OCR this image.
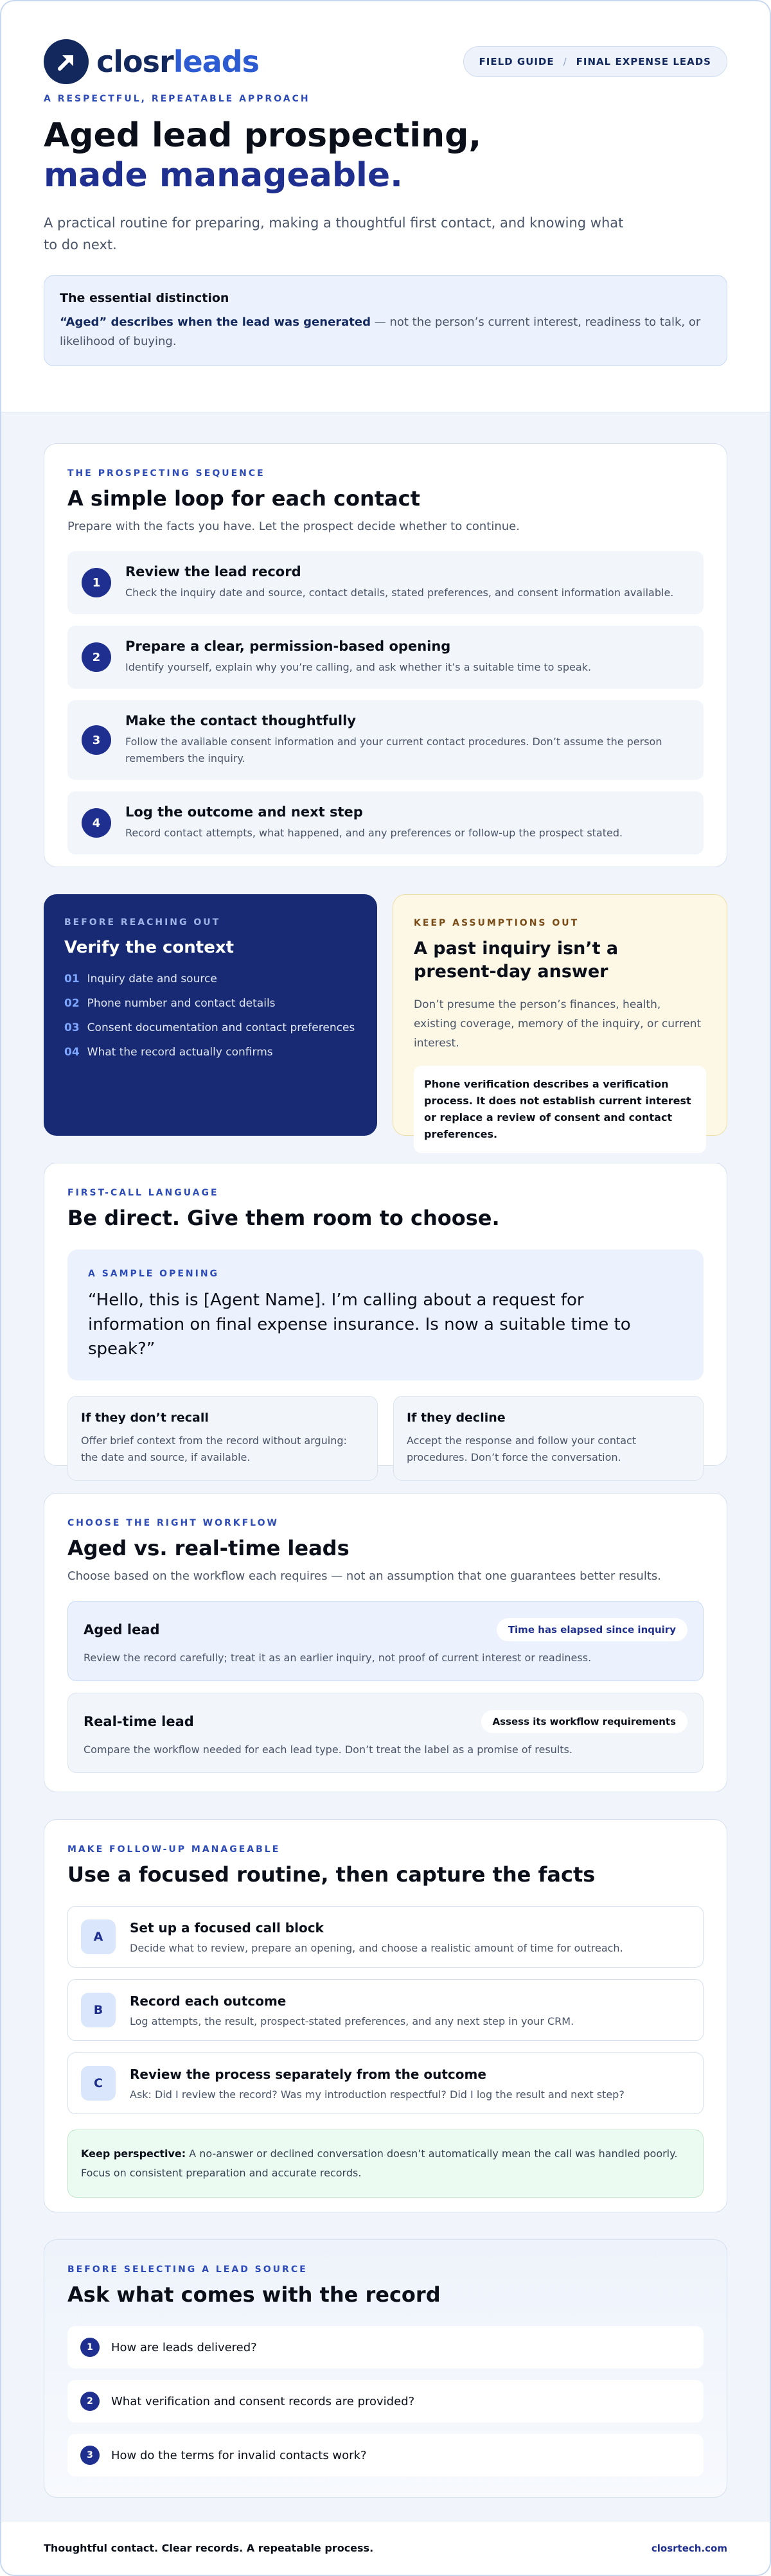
closrleads	FIELD GUIDE / FINAL EXPENSE LEADS
A RESPECTFUL, REPEATABLE APPROACH
Aged lead prospecting,
made manageable.

A practical routine for preparing, making a thoughtful first contact, and knowing what to do next.

The essential distinction
“Aged” describes when the lead was generated — not the person’s current interest, readiness to talk, or likelihood of buying.
THE PROSPECTING SEQUENCE
A simple loop for each contact

Prepare with the facts you have. Let the prospect decide whether to continue.

1
Review the lead record
Check the inquiry date and source, contact details, stated preferences, and consent information available.
2
Prepare a clear, permission-based opening
Identify yourself, explain why you’re calling, and ask whether it’s a suitable time to speak.
3
Make the contact thoughtfully
Follow the available consent information and your current contact procedures. Don’t assume the person remembers the inquiry.
4
Log the outcome and next step
Record contact attempts, what happened, and any preferences or follow-up the prospect stated.
BEFORE REACHING OUT
Verify the context
01 Inquiry date and source
02 Phone number and contact details
03 Consent documentation and contact preferences
04 What the record actually confirms
KEEP ASSUMPTIONS OUT
A past inquiry isn’t a present-day answer

Don’t presume the person’s finances, health, existing coverage, memory of the inquiry, or current interest.

Phone verification describes a verification process. It does not establish current interest or replace a review of consent and contact preferences.
FIRST-CALL LANGUAGE
Be direct. Give them room to choose.
A SAMPLE OPENING
“Hello, this is [Agent Name]. I’m calling about a request for information on final expense insurance. Is now a suitable time to speak?”
If they don’t recall
Offer brief context from the record without arguing: the date and source, if available.
If they decline
Accept the response and follow your contact procedures. Don’t force the conversation.
CHOOSE THE RIGHT WORKFLOW
Aged vs. real-time leads

Choose based on the workflow each requires — not an assumption that one guarantees better results.

Aged lead	Time has elapsed since inquiry
Review the record carefully; treat it as an earlier inquiry, not proof of current interest or readiness.
Real-time lead	Assess its workflow requirements
Compare the workflow needed for each lead type. Don’t treat the label as a promise of results.
MAKE FOLLOW-UP MANAGEABLE
Use a focused routine, then capture the facts
A
Set up a focused call block
Decide what to review, prepare an opening, and choose a realistic amount of time for outreach.
B
Record each outcome
Log attempts, the result, prospect-stated preferences, and any next step in your CRM.
C
Review the process separately from the outcome
Ask: Did I review the record? Was my introduction respectful? Did I log the result and next step?
Keep perspective: A no-answer or declined conversation doesn’t automatically mean the call was handled poorly. Focus on consistent preparation and accurate records.
BEFORE SELECTING A LEAD SOURCE
Ask what comes with the record
1	How are leads delivered?
2	What verification and consent records are provided?
3	How do the terms for invalid contacts work?
Thoughtful contact. Clear records. A repeatable process.	closrtech.com
